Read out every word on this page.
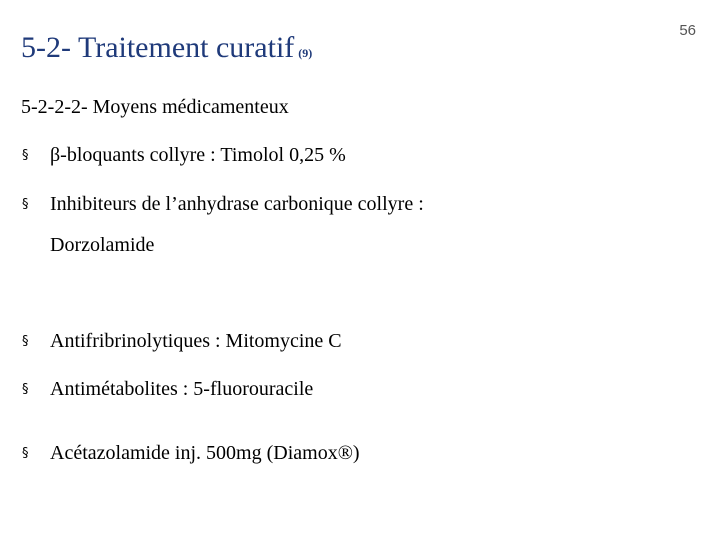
5-2- Traitement curatif (9)
56
5-2-2-2- Moyens médicamenteux
§ β-bloquants collyre : Timolol 0,25 %
§ Inhibiteurs de l’anhydrase carbonique collyre :
Dorzolamide
§ Antifribrinolytiques : Mitomycine C
§ Antimétabolites : 5-fluorouracile
§ Acétazolamide inj. 500mg (Diamox®)
